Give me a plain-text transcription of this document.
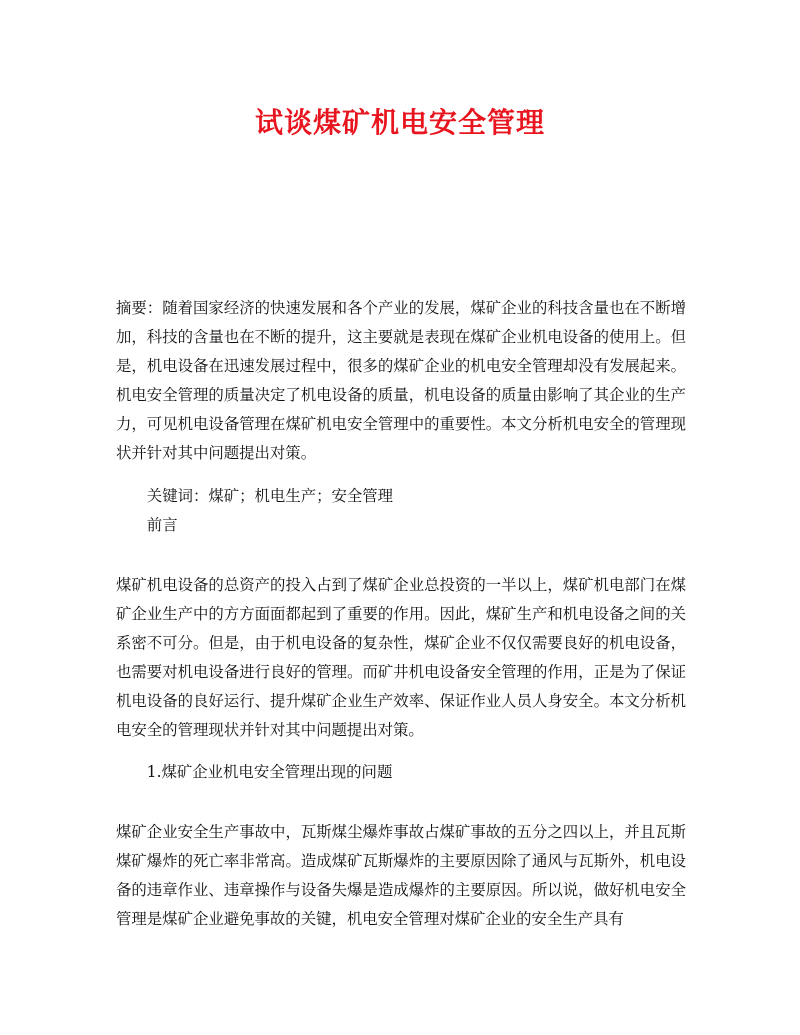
试谈煤矿机电安全管理

摘要：随着国家经济的快速发展和各个产业的发展，煤矿企业的科技含量也在不断增加，科技的含量也在不断的提升，这主要就是表现在煤矿企业机电设备的使用上。但是，机电设备在迅速发展过程中，很多的煤矿企业的机电安全管理却没有发展起来。机电安全管理的质量决定了机电设备的质量，机电设备的质量由影响了其企业的生产力，可见机电设备管理在煤矿机电安全管理中的重要性。本文分析机电安全的管理现状并针对其中问题提出对策。

关键词：煤矿；机电生产；安全管理

前言

煤矿机电设备的总资产的投入占到了煤矿企业总投资的一半以上，煤矿机电部门在煤矿企业生产中的方方面面都起到了重要的作用。因此，煤矿生产和机电设备之间的关系密不可分。但是，由于机电设备的复杂性，煤矿企业不仅仅需要良好的机电设备，也需要对机电设备进行良好的管理。而矿井机电设备安全管理的作用，正是为了保证机电设备的良好运行、提升煤矿企业生产效率、保证作业人员人身安全。本文分析机电安全的管理现状并针对其中问题提出对策。

1.煤矿企业机电安全管理出现的问题

煤矿企业安全生产事故中，瓦斯煤尘爆炸事故占煤矿事故的五分之四以上，并且瓦斯煤矿爆炸的死亡率非常高。造成煤矿瓦斯爆炸的主要原因除了通风与瓦斯外，机电设备的违章作业、违章操作与设备失爆是造成爆炸的主要原因。所以说，做好机电安全管理是煤矿企业避免事故的关键，机电安全管理对煤矿企业的安全生产具有
